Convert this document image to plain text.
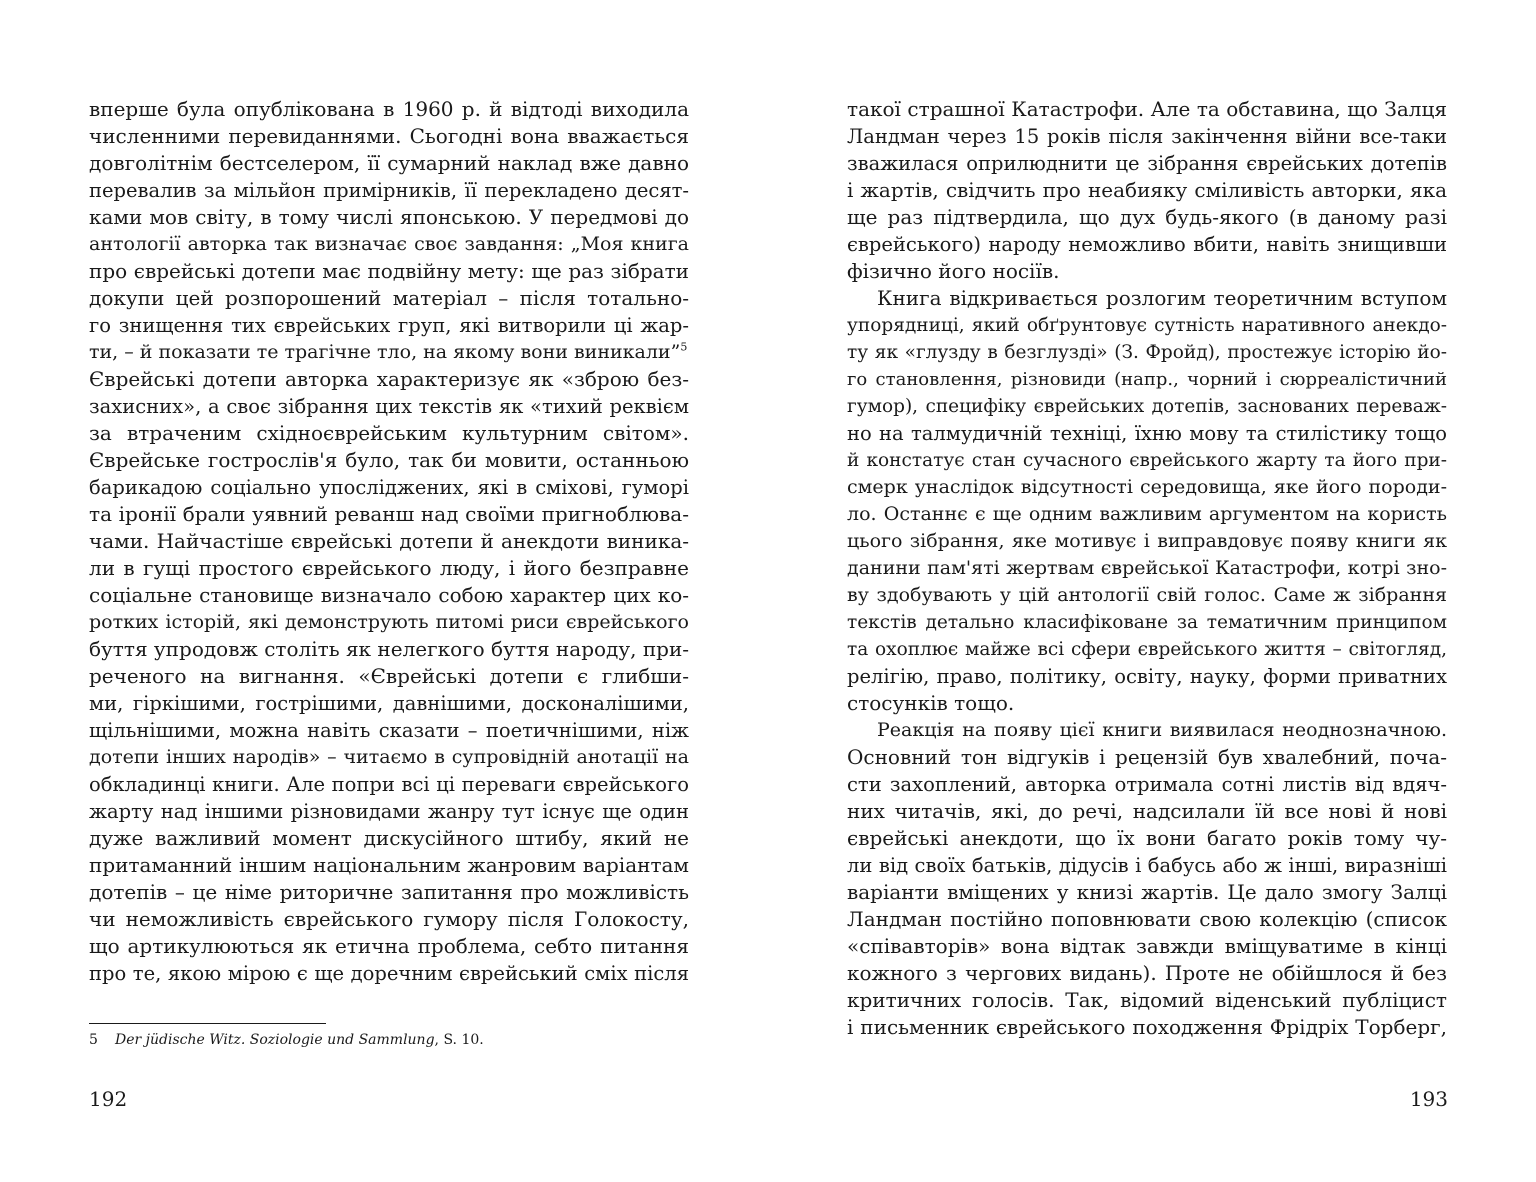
вперше була опублікована в 1960 р. й відтоді виходила
численними перевиданнями. Сьогодні вона вважається
довголітнім бестселером, її сумарний наклад вже давно
перевалив за мільйон примірників, її перекладено десят-
ками мов світу, в тому числі японською. У передмові до
антології авторка так визначає своє завдання: „Моя книга
про єврейські дотепи має подвійну мету: ще раз зібрати
докупи цей розпорошений матеріал – після тотально-
го знищення тих єврейських груп, які витворили ці жар-
ти, – й показати те трагічне тло, на якому вони виникали”$^5$
Єврейські дотепи авторка характеризує як «зброю без-
захисних», а своє зібрання цих текстів як «тихий реквієм
за втраченим східноєврейським культурним світом».
Єврейське гострослів'я було, так би мовити, останньою
барикадою соціально упосліджених, які в сміхові, гуморі
та іронії брали уявний реванш над своїми пригноблюва-
чами. Найчастіше єврейські дотепи й анекдоти виника-
ли в гущі простого єврейського люду, і його безправне
соціальне становище визначало собою характер цих ко-
ротких історій, які демонструють питомі риси єврейського
буття упродовж століть як нелегкого буття народу, при-
реченого на вигнання. «Єврейські дотепи є глибши-
ми, гіркішими, гострішими, давнішими, досконалішими,
щільнішими, можна навіть сказати – поетичнішими, ніж
дотепи інших народів» – читаємо в супровідній анотації на
обкладинці книги. Але попри всі ці переваги єврейського
жарту над іншими різновидами жанру тут існує ще один
дуже важливий момент дискусійного штибу, який не
притаманний іншим національним жанровим варіантам
дотепів – це німе риторичне запитання про можливість
чи неможливість єврейського гумору після Голокосту,
що артикулюються як етична проблема, себто питання
про те, якою мірою є ще доречним єврейський сміх після
5 Der jüdische Witz. Soziologie und Sammlung, S. 10.
192
такої страшної Катастрофи. Але та обставина, що Залця
Ландман через 15 років після закінчення війни все-таки
зважилася оприлюднити це зібрання єврейських дотепів
і жартів, свідчить про неабияку сміливість авторки, яка
ще раз підтвердила, що дух будь-якого (в даному разі
єврейського) народу неможливо вбити, навіть знищивши
фізично його носіїв.
Книга відкривається розлогим теоретичним вступом
упорядниці, який обґрунтовує сутність наративного анекдо-
ту як «глузду в безглузді» (З. Фройд), простежує історію йо-
го становлення, різновиди (напр., чорний і сюрреалістичний
гумор), специфіку єврейських дотепів, заснованих переваж-
но на талмудичній техніці, їхню мову та стилістику тощо
й констатує стан сучасного єврейського жарту та його при-
смерк унаслідок відсутності середовища, яке його породи-
ло. Останнє є ще одним важливим аргументом на користь
цього зібрання, яке мотивує і виправдовує появу книги як
данини пам'яті жертвам єврейської Катастрофи, котрі зно-
ву здобувають у цій антології свій голос. Саме ж зібрання
текстів детально класифіковане за тематичним принципом
та охоплює майже всі сфери єврейського життя – світогляд,
релігію, право, політику, освіту, науку, форми приватних
стосунків тощо.
Реакція на появу цієї книги виявилася неоднозначною.
Основний тон відгуків і рецензій був хвалебний, поча-
сти захоплений, авторка отримала сотні листів від вдяч-
них читачів, які, до речі, надсилали їй все нові й нові
єврейські анекдоти, що їх вони багато років тому чу-
ли від своїх батьків, дідусів і бабусь або ж інші, виразніші
варіанти вміщених у книзі жартів. Це дало змогу Залці
Ландман постійно поповнювати свою колекцію (список
«співавторів» вона відтак завжди вміщуватиме в кінці
кожного з чергових видань). Проте не обійшлося й без
критичних голосів. Так, відомий віденський публіцист
і письменник єврейського походження Фрідріх Торберг,
193
